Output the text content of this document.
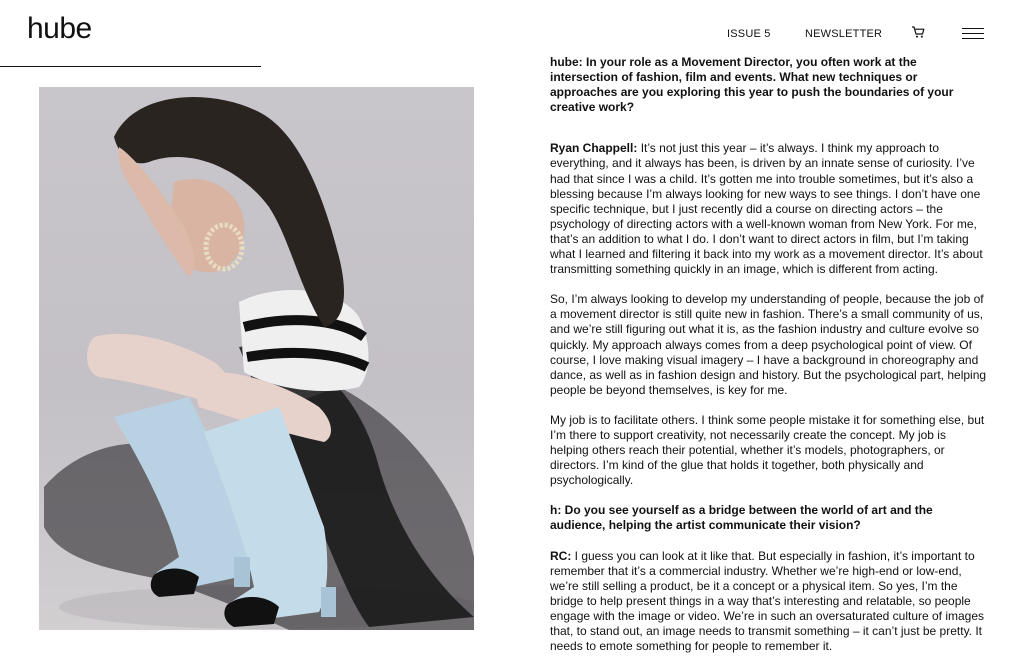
hube	ISSUE 5	NEWSLETTER

hube: In your role as a Movement Director, you often work at the intersection of fashion, film and events. What new techniques or approaches are you exploring this year to push the boundaries of your creative work?

Ryan Chappell: It’s not just this year – it’s always. I think my approach to everything, and it always has been, is driven by an innate sense of curiosity. I’ve had that since I was a child. It’s gotten me into trouble sometimes, but it’s also a blessing because I’m always looking for new ways to see things. I don’t have one specific technique, but I just recently did a course on directing actors – the psychology of directing actors with a well-known woman from New York. For me, that’s an addition to what I do. I don’t want to direct actors in film, but I’m taking what I learned and filtering it back into my work as a movement director. It’s about transmitting something quickly in an image, which is different from acting.

So, I’m always looking to develop my understanding of people, because the job of a movement director is still quite new in fashion. There’s a small community of us, and we’re still figuring out what it is, as the fashion industry and culture evolve so quickly. My approach always comes from a deep psychological point of view. Of course, I love making visual imagery – I have a background in choreography and dance, as well as in fashion design and history. But the psychological part, helping people be beyond themselves, is key for me.

My job is to facilitate others. I think some people mistake it for something else, but I’m there to support creativity, not necessarily create the concept. My job is helping others reach their potential, whether it’s models, photographers, or directors. I’m kind of the glue that holds it together, both physically and psychologically.

h: Do you see yourself as a bridge between the world of art and the audience, helping the artist communicate their vision?

RC: I guess you can look at it like that. But especially in fashion, it’s important to remember that it’s a commercial industry. Whether we’re high-end or low-end, we’re still selling a product, be it a concept or a physical item. So yes, I’m the bridge to help present things in a way that’s interesting and relatable, so people engage with the image or video. We’re in such an oversaturated culture of images that, to stand out, an image needs to transmit something – it can’t just be pretty. It needs to emote something for people to remember it.
